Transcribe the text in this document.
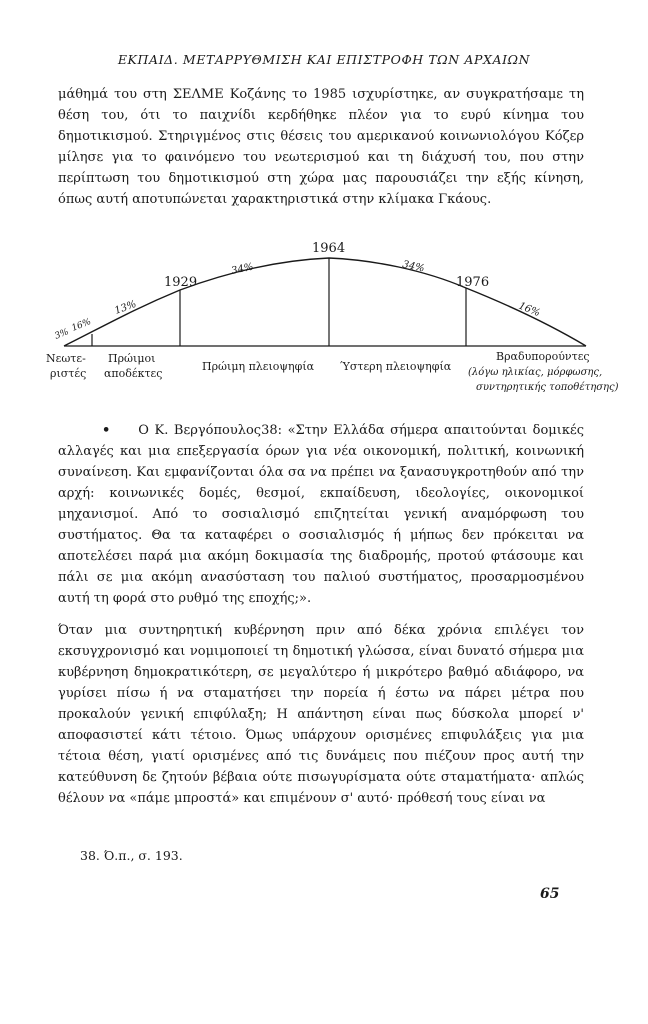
ΕΚΠΑΙΔ. ΜΕΤΑΡΡΥΘΜΙΣΗ ΚΑΙ ΕΠΙΣΤΡΟΦΗ ΤΩΝ ΑΡΧΑΙΩΝ
μάθημά του στη ΣΕΛΜΕ Κοζάνης το 1985 ισχυρίστηκε, αν συγκρατήσαμε τη θέση του, ότι το παιχνίδι κερδήθηκε πλέον για το ευρύ κίνημα του δημοτικισμού. Στηριγμένος στις θέσεις του αμερικανού κοινωνιολόγου Κόζερ μίλησε για το φαινόμενο του νεωτερισμού και τη διάχυσή του, που στην περίπτωση του δημοτικισμού στη χώρα μας παρουσιάζει την εξής κίνηση, όπως αυτή αποτυπώνεται χαρακτηριστικά στην κλίμακα Γκάους.
1929
1964
1976
3%
16%
13%
34%	34%
16%
Νεωτε-
ριστές
Πρώιμοι
αποδέκτες
Πρώιμη πλειοψηφία Ύστερη πλειοψηφία
Βραδυπορούντες
(λόγω ηλικίας, μόρφωσης,
συντηρητικής τοποθέτησης)
• Ο Κ. Βεργόπουλος38: «Στην Ελλάδα σήμερα απαιτούνται δομικές αλλαγές και μια επεξεργασία όρων για νέα οικονομική, πολιτική, κοινωνική συναίνεση. Και εμφανίζονται όλα σα να πρέπει να ξανασυγκροτηθούν από την αρχή: κοινωνικές δομές, θεσμοί, εκπαίδευση, ιδεολογίες, οικονομικοί μηχανισμοί. Από το σοσιαλισμό επιζητείται γενική αναμόρφωση του συστήματος. Θα τα καταφέρει ο σοσιαλισμός ή μήπως δεν πρόκειται να αποτελέσει παρά μια ακόμη δοκιμασία της διαδρομής, προτού φτάσουμε και πάλι σε μια ακόμη ανασύσταση του παλιού συστήματος, προσαρμοσμένου αυτή τη φορά στο ρυθμό της εποχής;».
Όταν μια συντηρητική κυβέρνηση πριν από δέκα χρόνια επιλέγει τον εκσυγχρονισμό και νομιμοποιεί τη δημοτική γλώσσα, είναι δυνατό σήμερα μια κυβέρνηση δημοκρατικότερη, σε μεγαλύτερο ή μικρότερο βαθμό αδιάφορο, να γυρίσει πίσω ή να σταματήσει την πορεία ή έστω να πάρει μέτρα που προκαλούν γενική επιφύλαξη; Η απάντηση είναι πως δύσκολα μπορεί ν' αποφασιστεί κάτι τέτοιο. Όμως υπάρχουν ορισμένες επιφυλάξεις για μια τέτοια θέση, γιατί ορισμένες από τις δυνάμεις που πιέζουν προς αυτή την κατεύθυνση δε ζητούν βέβαια ούτε πισωγυρίσματα ούτε σταματήματα· απλώς θέλουν να «πάμε μπροστά» και επιμένουν σ' αυτό· πρόθεσή τους είναι να
38. Ό.π., σ. 193.
65
